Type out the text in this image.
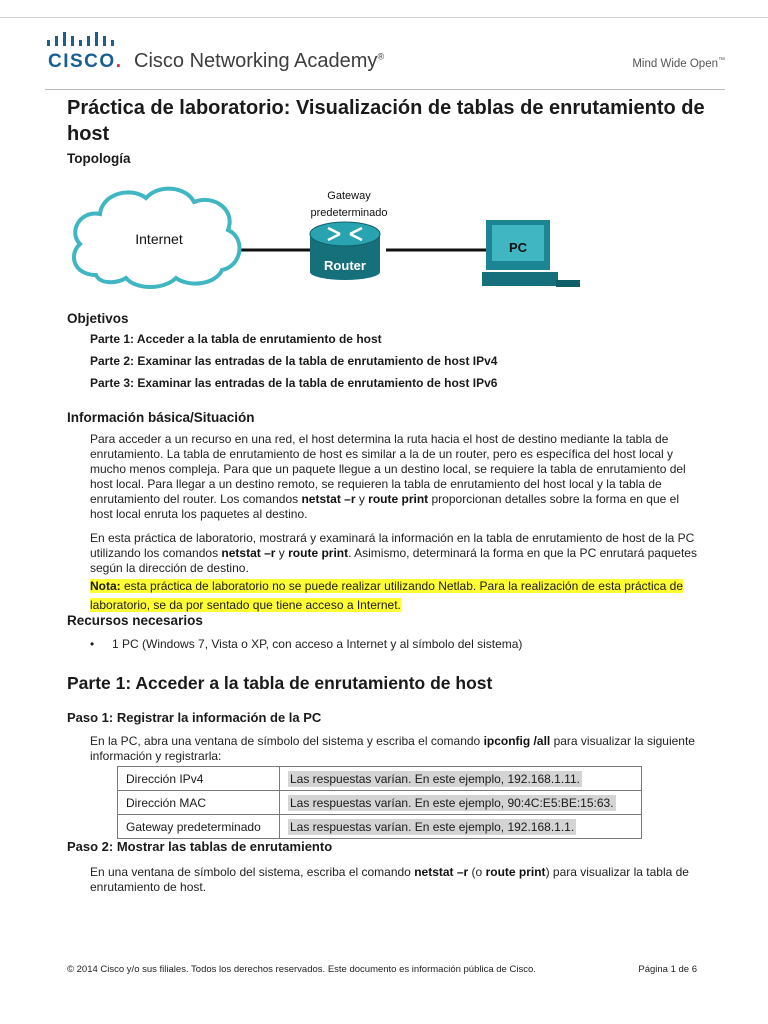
CISCO. Cisco Networking Academy®
Mind Wide Open™
Práctica de laboratorio: Visualización de tablas de enrutamiento de host
Topología
Internet
Gateway
predeterminado
Router
PC
Objetivos
Parte 1: Acceder a la tabla de enrutamiento de host
Parte 2: Examinar las entradas de la tabla de enrutamiento de host IPv4
Parte 3: Examinar las entradas de la tabla de enrutamiento de host IPv6
Información básica/Situación
Para acceder a un recurso en una red, el host determina la ruta hacia el host de destino mediante la tabla de enrutamiento. La tabla de enrutamiento de host es similar a la de un router, pero es específica del host local y mucho menos compleja. Para que un paquete llegue a un destino local, se requiere la tabla de enrutamiento del host local. Para llegar a un destino remoto, se requieren la tabla de enrutamiento del host local y la tabla de enrutamiento del router. Los comandos netstat –r y route print proporcionan detalles sobre la forma en que el host local enruta los paquetes al destino.
En esta práctica de laboratorio, mostrará y examinará la información en la tabla de enrutamiento de host de la PC utilizando los comandos netstat –r y route print. Asimismo, determinará la forma en que la PC enrutará paquetes según la dirección de destino.
Nota: esta práctica de laboratorio no se puede realizar utilizando Netlab. Para la realización de esta práctica de laboratorio, se da por sentado que tiene acceso a Internet.
Recursos necesarios
• 1 PC (Windows 7, Vista o XP, con acceso a Internet y al símbolo del sistema)
Parte 1: Acceder a la tabla de enrutamiento de host
Paso 1: Registrar la información de la PC
En la PC, abra una ventana de símbolo del sistema y escriba el comando ipconfig /all para visualizar la siguiente información y registrarla:
Dirección IPv4	Las respuestas varían. En este ejemplo, 192.168.1.11.
Dirección MAC	Las respuestas varían. En este ejemplo, 90:4C:E5:BE:15:63.
Gateway predeterminado	Las respuestas varían. En este ejemplo, 192.168.1.1.
Paso 2: Mostrar las tablas de enrutamiento
En una ventana de símbolo del sistema, escriba el comando netstat –r (o route print) para visualizar la tabla de enrutamiento de host.
© 2014 Cisco y/o sus filiales. Todos los derechos reservados. Este documento es información pública de Cisco.	Página 1 de 6
